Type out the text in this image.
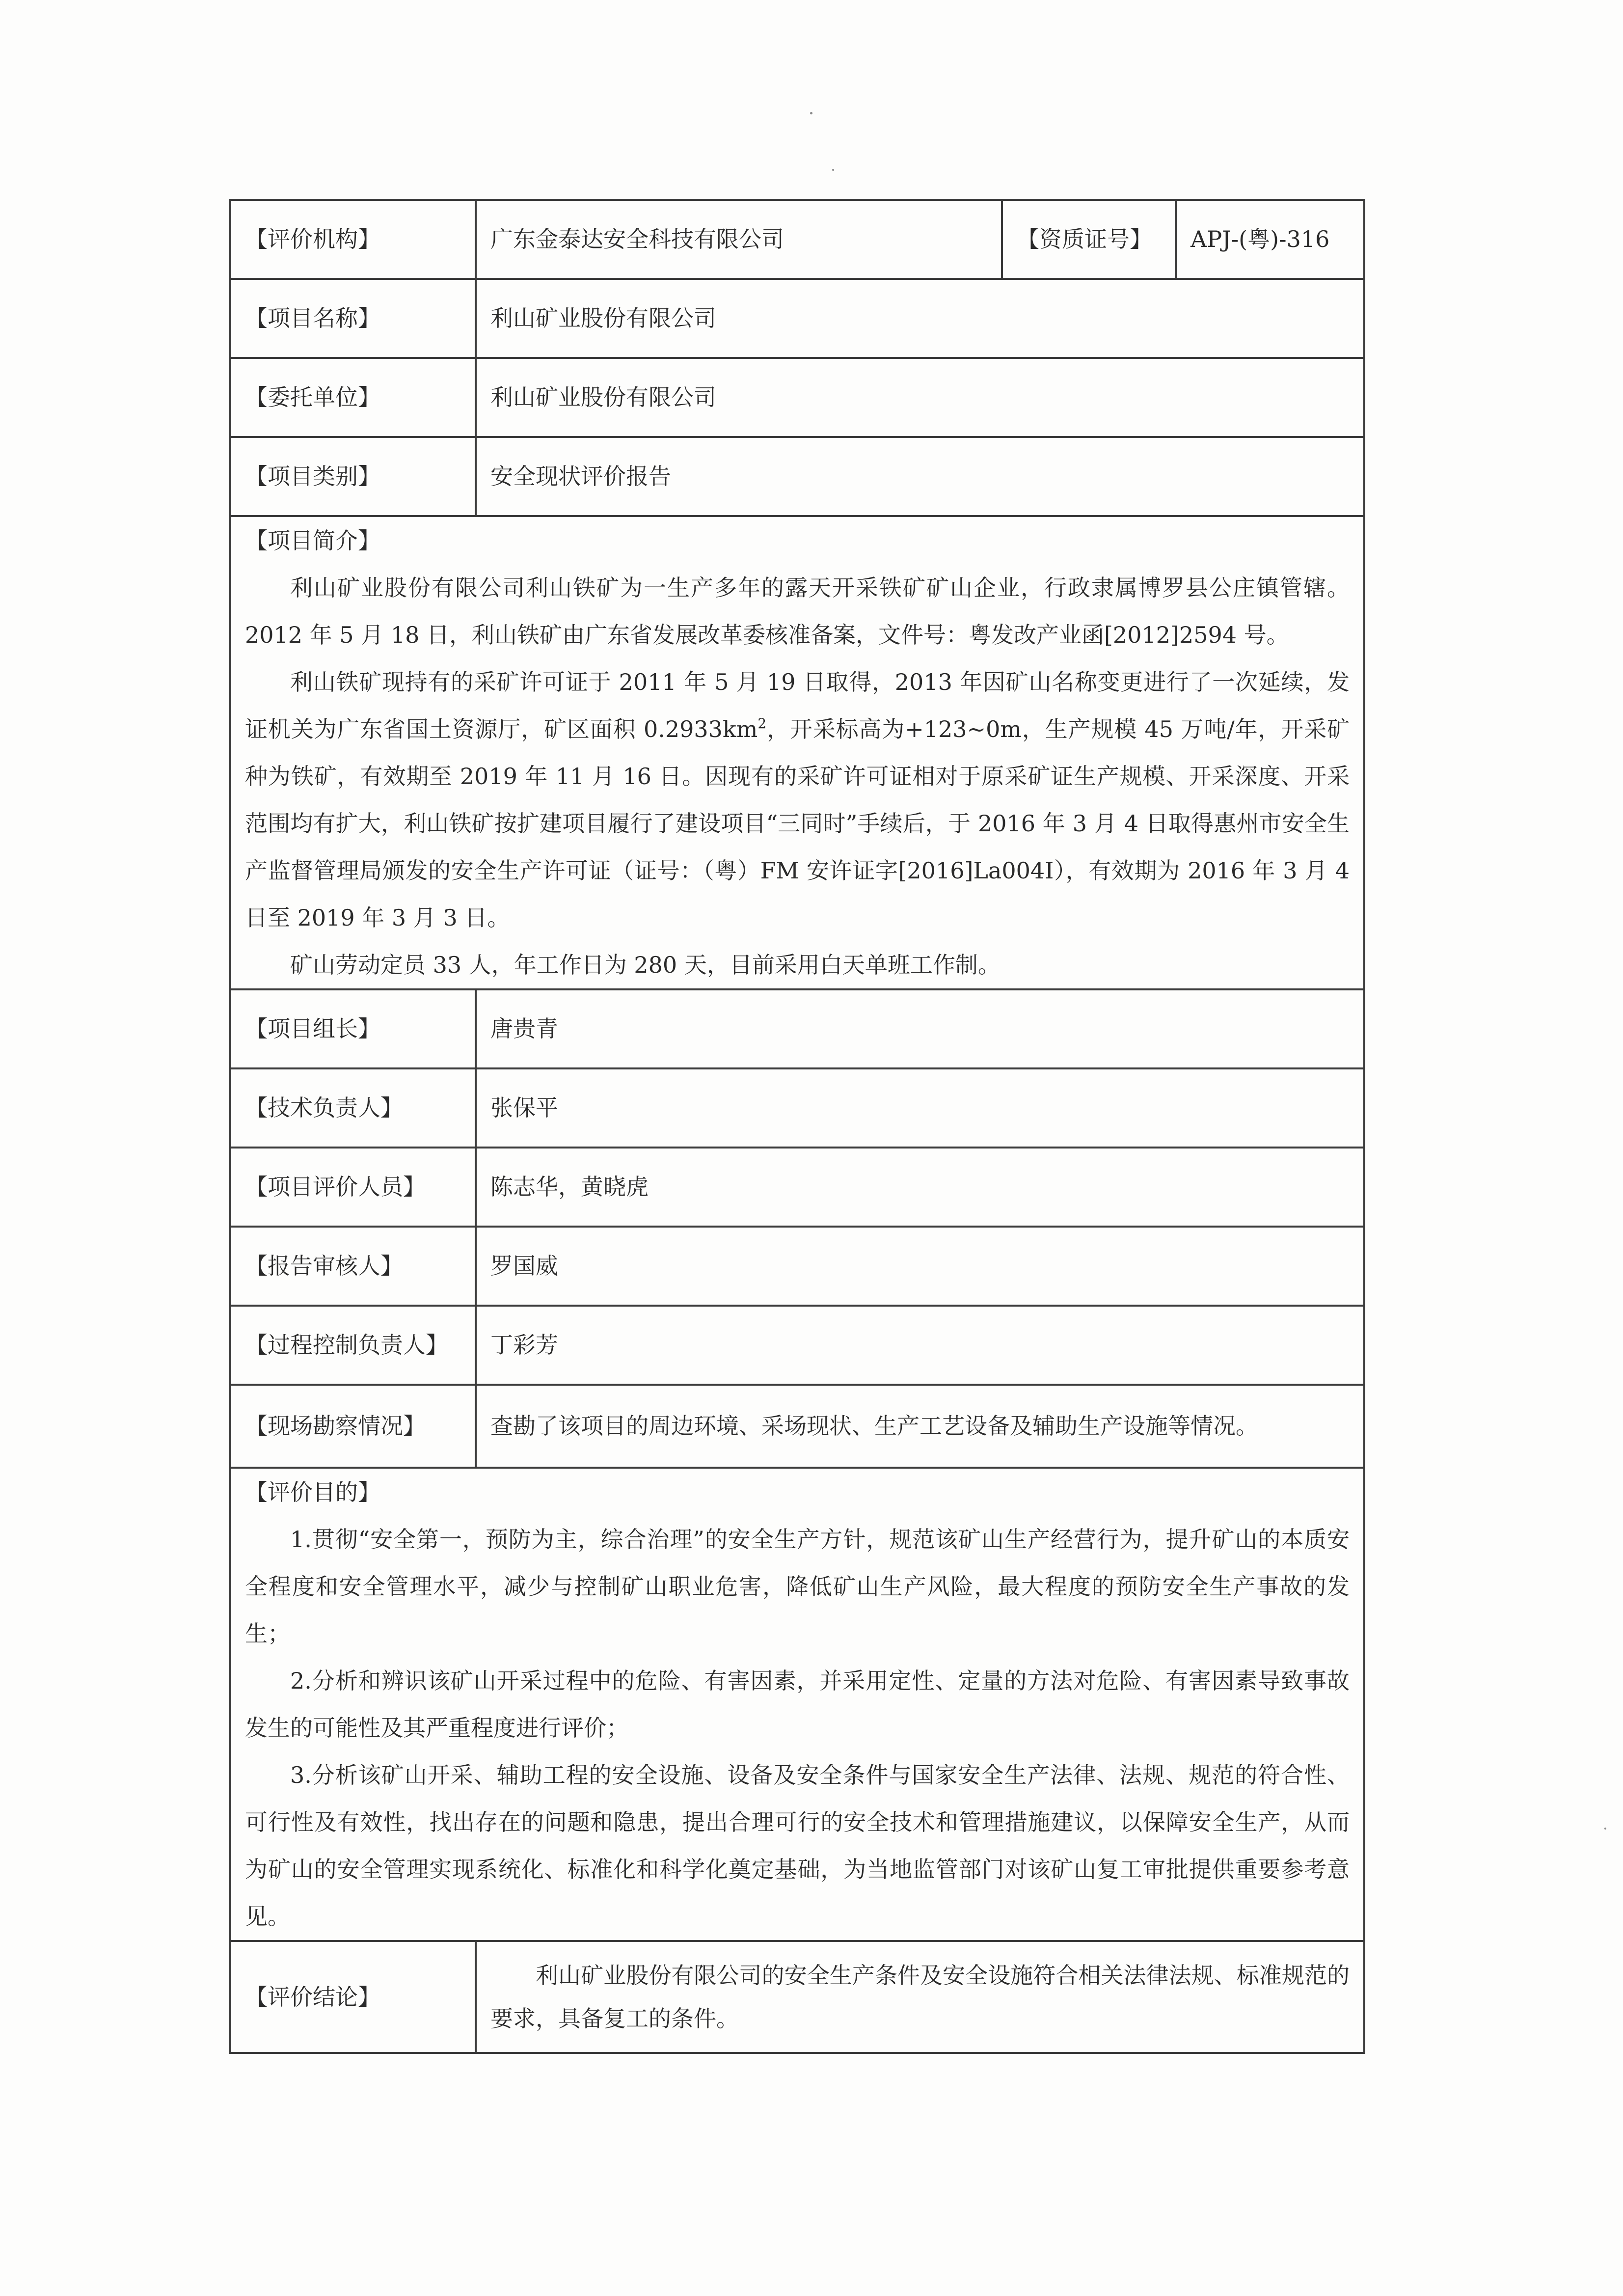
【评价机构】	广东金泰达安全科技有限公司	【资质证号】	APJ-(粤)-316
【项目名称】	利山矿业股份有限公司		
【委托单位】	利山矿业股份有限公司		
【项目类别】	安全现状评价报告		

【项目简介】
利山矿业股份有限公司利山铁矿为一生产多年的露天开采铁矿矿山企业，行政隶属博罗县公庄镇管辖。2012 年 5 月 18 日，利山铁矿由广东省发展改革委核准备案，文件号：粤发改产业函[2012]2594 号。
利山铁矿现持有的采矿许可证于 2011 年 5 月 19 日取得，2013 年因矿山名称变更进行了一次延续，发证机关为广东省国土资源厅，矿区面积 $0.2933km^2$，开采标高为+123~0m，生产规模 45 万吨/年，开采矿种为铁矿，有效期至 2019 年 11 月 16 日。因现有的采矿许可证相对于原采矿证生产规模、开采深度、开采范围均有扩大，利山铁矿按扩建项目履行了建设项目“三同时”手续后，于 2016 年 3 月 4 日取得惠州市安全生产监督管理局颁发的安全生产许可证（证号：（粤）FM 安许证字[2016]La004I），有效期为 2016 年 3 月 4 日至 2019 年 3 月 3 日。
矿山劳动定员 33 人，年工作日为 280 天，目前采用白天单班工作制。			

【项目组长】	唐贵青		
【技术负责人】	张保平		
【项目评价人员】	陈志华，黄晓虎		
【报告审核人】	罗国威		
【过程控制负责人】	丁彩芳		
【现场勘察情况】	查勘了该项目的周边环境、采场现状、生产工艺设备及辅助生产设施等情况。		

【评价目的】
1.贯彻“安全第一，预防为主，综合治理”的安全生产方针，规范该矿山生产经营行为，提升矿山的本质安全程度和安全管理水平，减少与控制矿山职业危害，降低矿山生产风险，最大程度的预防安全生产事故的发生；
2.分析和辨识该矿山开采过程中的危险、有害因素，并采用定性、定量的方法对危险、有害因素导致事故发生的可能性及其严重程度进行评价；
3.分析该矿山开采、辅助工程的安全设施、设备及安全条件与国家安全生产法律、法规、规范的符合性、可行性及有效性，找出存在的问题和隐患，提出合理可行的安全技术和管理措施建议，以保障安全生产，从而为矿山的安全管理实现系统化、标准化和科学化奠定基础，为当地监管部门对该矿山复工审批提供重要参考意见。			

【评价结论】	利山矿业股份有限公司的安全生产条件及安全设施符合相关法律法规、标准规范的要求，具备复工的条件。		
